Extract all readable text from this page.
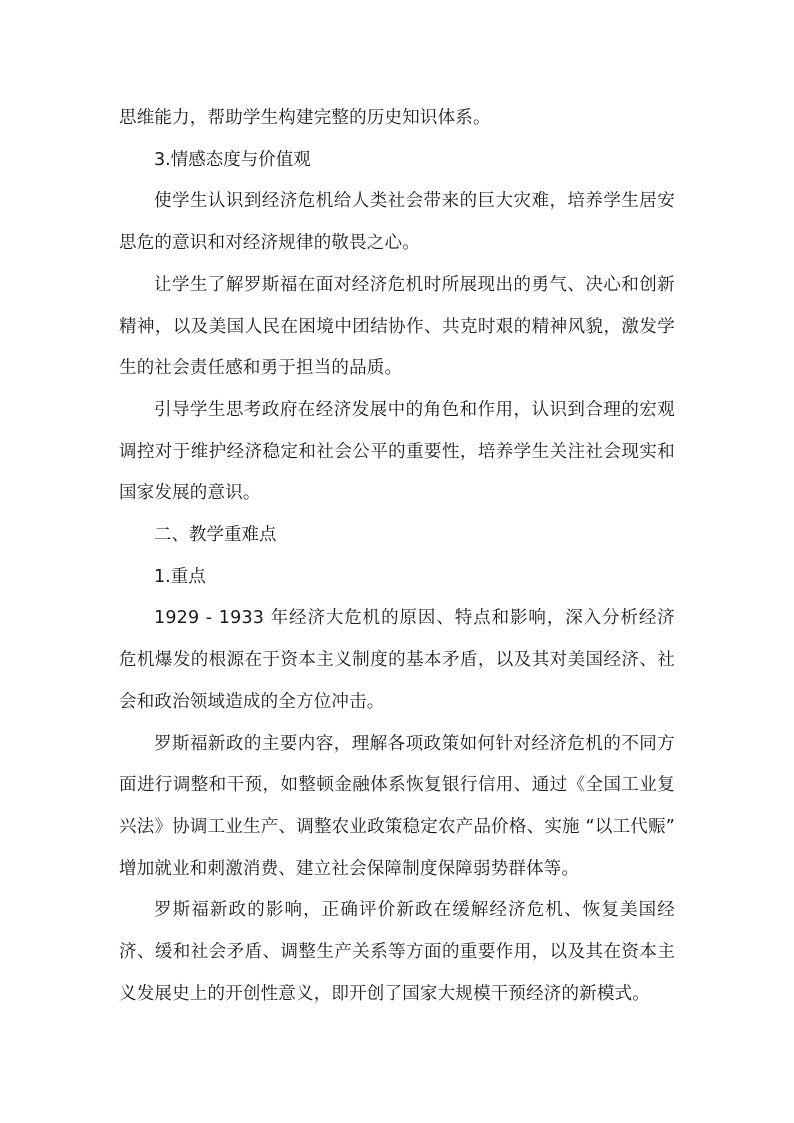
思维能力，帮助学生构建完整的历史知识体系。

3.情感态度与价值观

使学生认识到经济危机给人类社会带来的巨大灾难，培养学生居安思危的意识和对经济规律的敬畏之心。

让学生了解罗斯福在面对经济危机时所展现出的勇气、决心和创新精神，以及美国人民在困境中团结协作、共克时艰的精神风貌，激发学生的社会责任感和勇于担当的品质。

引导学生思考政府在经济发展中的角色和作用，认识到合理的宏观调控对于维护经济稳定和社会公平的重要性，培养学生关注社会现实和国家发展的意识。

二、教学重难点

1.重点

1929 - 1933 年经济大危机的原因、特点和影响，深入分析经济危机爆发的根源在于资本主义制度的基本矛盾，以及其对美国经济、社会和政治领域造成的全方位冲击。

罗斯福新政的主要内容，理解各项政策如何针对经济危机的不同方面进行调整和干预，如整顿金融体系恢复银行信用、通过《全国工业复兴法》协调工业生产、调整农业政策稳定农产品价格、实施 “以工代赈” 增加就业和刺激消费、建立社会保障制度保障弱势群体等。

罗斯福新政的影响，正确评价新政在缓解经济危机、恢复美国经济、缓和社会矛盾、调整生产关系等方面的重要作用，以及其在资本主义发展史上的开创性意义，即开创了国家大规模干预经济的新模式。
